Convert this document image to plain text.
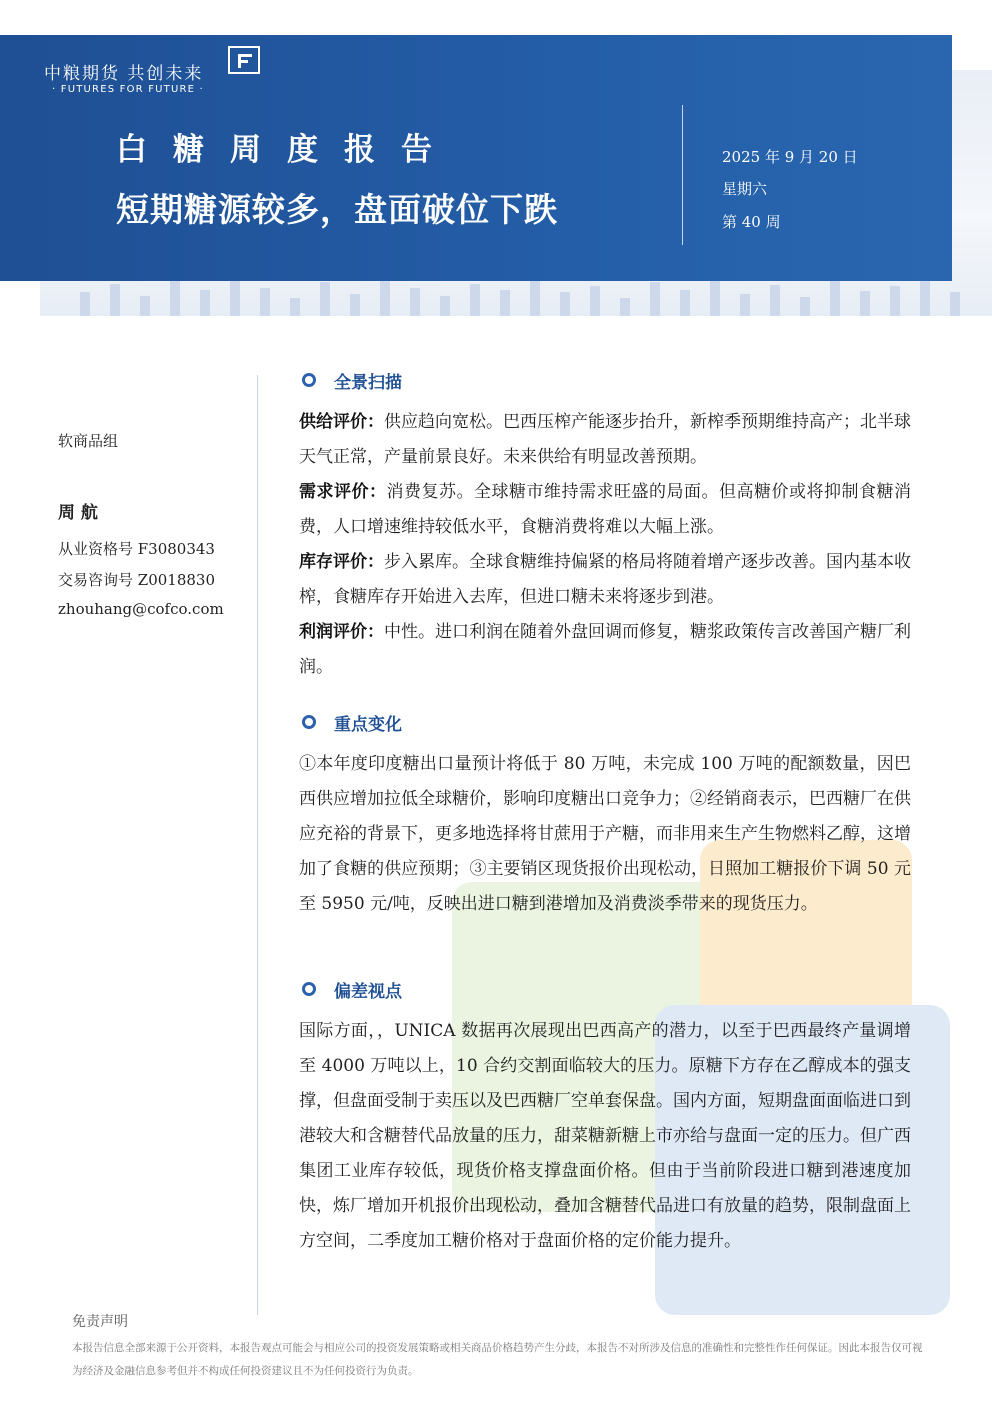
中粮期货 共创未来
· FUTURES FOR FUTURE ·
白糖周度报告
短期糖源较多，盘面破位下跌
2025 年 9 月 20 日
星期六
第 40 周
软商品组
周 航
从业资格号 F3080343
交易咨询号 Z0018830
zhouhang@cofco.com
全景扫描
供给评价：供应趋向宽松。巴西压榨产能逐步抬升，新榨季预期维持高产；北半球天气正常，产量前景良好。未来供给有明显改善预期。
需求评价：消费复苏。全球糖市维持需求旺盛的局面。但高糖价或将抑制食糖消费，人口增速维持较低水平，食糖消费将难以大幅上涨。
库存评价：步入累库。全球食糖维持偏紧的格局将随着增产逐步改善。国内基本收榨，食糖库存开始进入去库，但进口糖未来将逐步到港。
利润评价：中性。进口利润在随着外盘回调而修复，糖浆政策传言改善国产糖厂利润。
重点变化
①本年度印度糖出口量预计将低于 80 万吨，未完成 100 万吨的配额数量，因巴西供应增加拉低全球糖价，影响印度糖出口竞争力；②经销商表示，巴西糖厂在供应充裕的背景下，更多地选择将甘蔗用于产糖，而非用来生产生物燃料乙醇，这增加了食糖的供应预期；③主要销区现货报价出现松动，日照加工糖报价下调 50 元至 5950 元/吨，反映出进口糖到港增加及消费淡季带来的现货压力。
偏差视点
国际方面，，UNICA 数据再次展现出巴西高产的潜力，以至于巴西最终产量调增至 4000 万吨以上，10 合约交割面临较大的压力。原糖下方存在乙醇成本的强支撑，但盘面受制于卖压以及巴西糖厂空单套保盘。国内方面，短期盘面面临进口到港较大和含糖替代品放量的压力，甜菜糖新糖上市亦给与盘面一定的压力。但广西集团工业库存较低，现货价格支撑盘面价格。但由于当前阶段进口糖到港速度加快，炼厂增加开机报价出现松动，叠加含糖替代品进口有放量的趋势，限制盘面上方空间，二季度加工糖价格对于盘面价格的定价能力提升。
免责声明
本报告信息全部来源于公开资料，本报告观点可能会与相应公司的投资发展策略或相关商品价格趋势产生分歧，本报告不对所涉及信息的准确性和完整性作任何保证。因此本报告仅可视为经济及金融信息参考但并不构成任何投资建议且不为任何投资行为负责。
